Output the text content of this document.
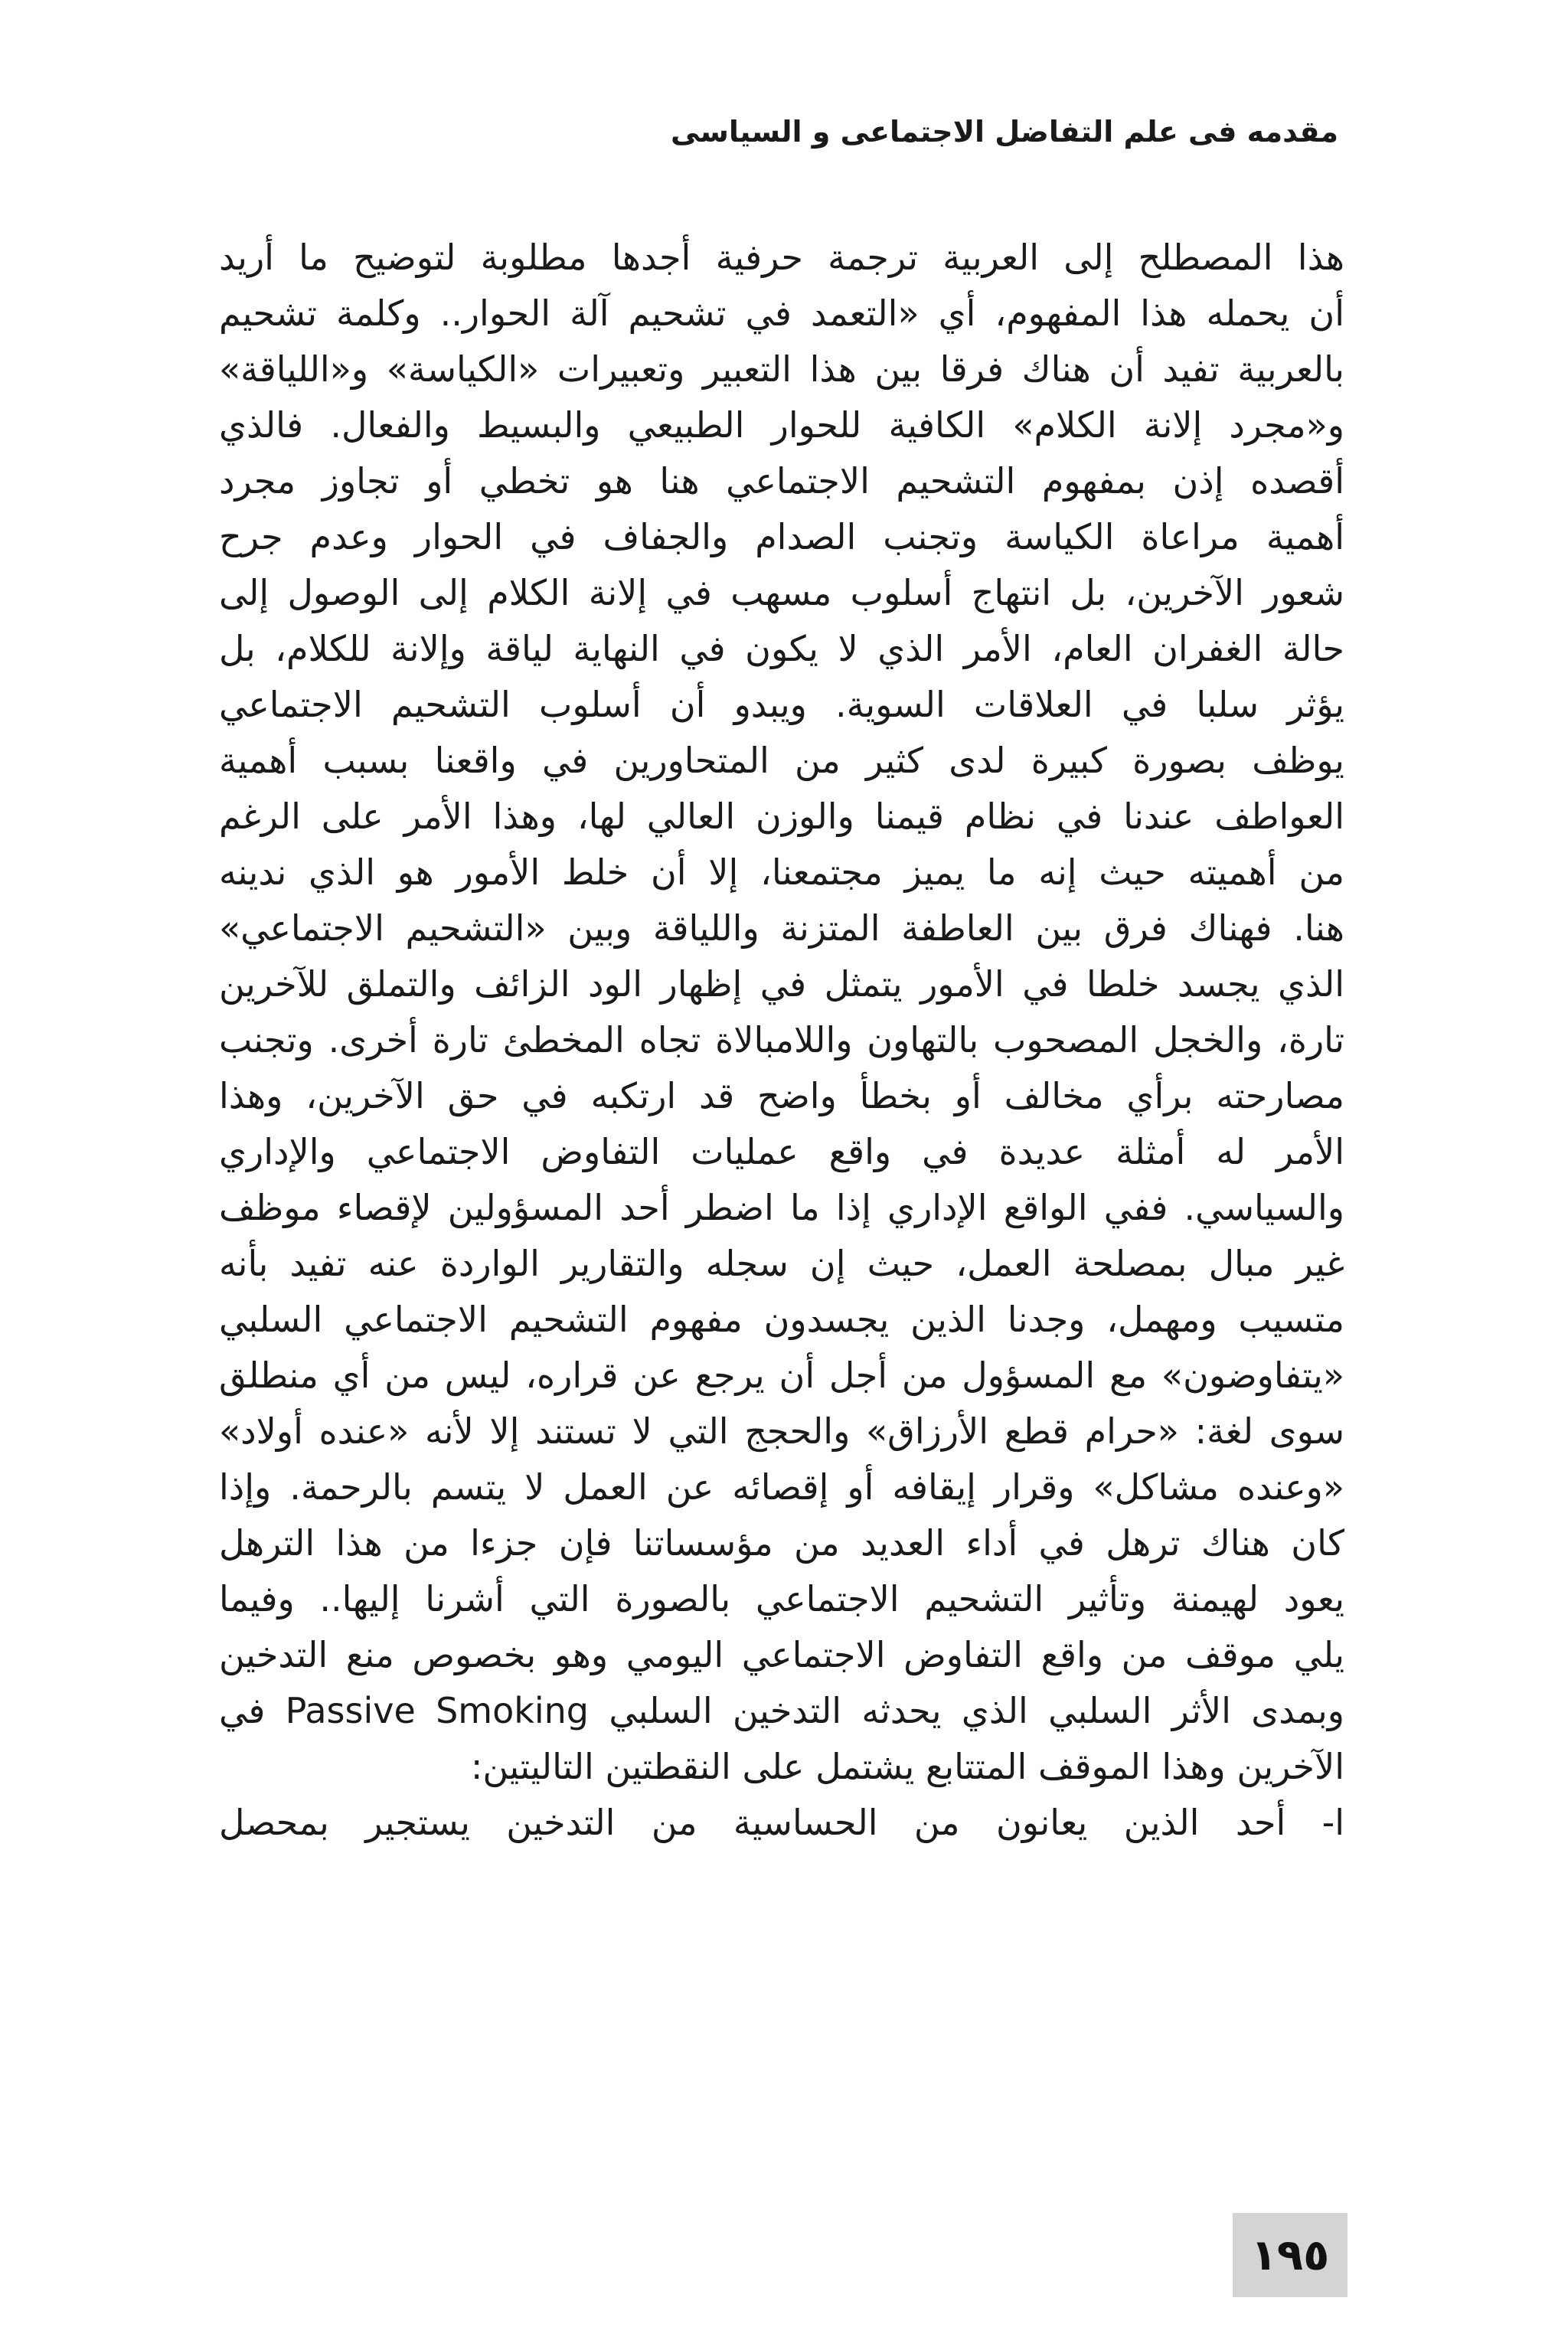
مقدمه فى علم التفاضل الاجتماعى و السياسى
هذا المصطلح إلى العربية ترجمة حرفية أجدها مطلوبة لتوضيح ما أريد
أن يحمله هذا المفهوم، أي «التعمد في تشحيم آلة الحوار.. وكلمة تشحيم
بالعربية تفيد أن هناك فرقا بين هذا التعبير وتعبيرات «الكياسة» و«اللياقة»
و«مجرد إلانة الكلام» الكافية للحوار الطبيعي والبسيط والفعال. فالذي
أقصده إذن بمفهوم التشحيم الاجتماعي هنا هو تخطي أو تجاوز مجرد
أهمية مراعاة الكياسة وتجنب الصدام والجفاف في الحوار وعدم جرح
شعور الآخرين، بل انتهاج أسلوب مسهب في إلانة الكلام إلى الوصول إلى
حالة الغفران العام، الأمر الذي لا يكون في النهاية لياقة وإلانة للكلام، بل
يؤثر سلبا في العلاقات السوية. ويبدو أن أسلوب التشحيم الاجتماعي
يوظف بصورة كبيرة لدى كثير من المتحاورين في واقعنا بسبب أهمية
العواطف عندنا في نظام قيمنا والوزن العالي لها، وهذا الأمر على الرغم
من أهميته حيث إنه ما يميز مجتمعنا، إلا أن خلط الأمور هو الذي ندينه
هنا. فهناك فرق بين العاطفة المتزنة واللياقة وبين «التشحيم الاجتماعي»
الذي يجسد خلطا في الأمور يتمثل في إظهار الود الزائف والتملق للآخرين
تارة، والخجل المصحوب بالتهاون واللامبالاة تجاه المخطئ تارة أخرى. وتجنب
مصارحته برأي مخالف أو بخطأ واضح قد ارتكبه في حق الآخرين، وهذا
الأمر له أمثلة عديدة في واقع عمليات التفاوض الاجتماعي والإداري
والسياسي. ففي الواقع الإداري إذا ما اضطر أحد المسؤولين لإقصاء موظف
غير مبال بمصلحة العمل، حيث إن سجله والتقارير الواردة عنه تفيد بأنه
متسيب ومهمل، وجدنا الذين يجسدون مفهوم التشحيم الاجتماعي السلبي
«يتفاوضون» مع المسؤول من أجل أن يرجع عن قراره، ليس من أي منطلق
سوى لغة: «حرام قطع الأرزاق» والحجج التي لا تستند إلا لأنه «عنده أولاد»
«وعنده مشاكل» وقرار إيقافه أو إقصائه عن العمل لا يتسم بالرحمة. وإذا
كان هناك ترهل في أداء العديد من مؤسساتنا فإن جزءا من هذا الترهل
يعود لهيمنة وتأثير التشحيم الاجتماعي بالصورة التي أشرنا إليها.. وفيما
يلي موقف من واقع التفاوض الاجتماعي اليومي وهو بخصوص منع التدخين
وبمدى الأثر السلبي الذي يحدثه التدخين السلبي Passive Smoking في
الآخرين وهذا الموقف المتتابع يشتمل على النقطتين التاليتين:
ا- أحد الذين يعانون من الحساسية من التدخين يستجير بمحصل
١٩٥
